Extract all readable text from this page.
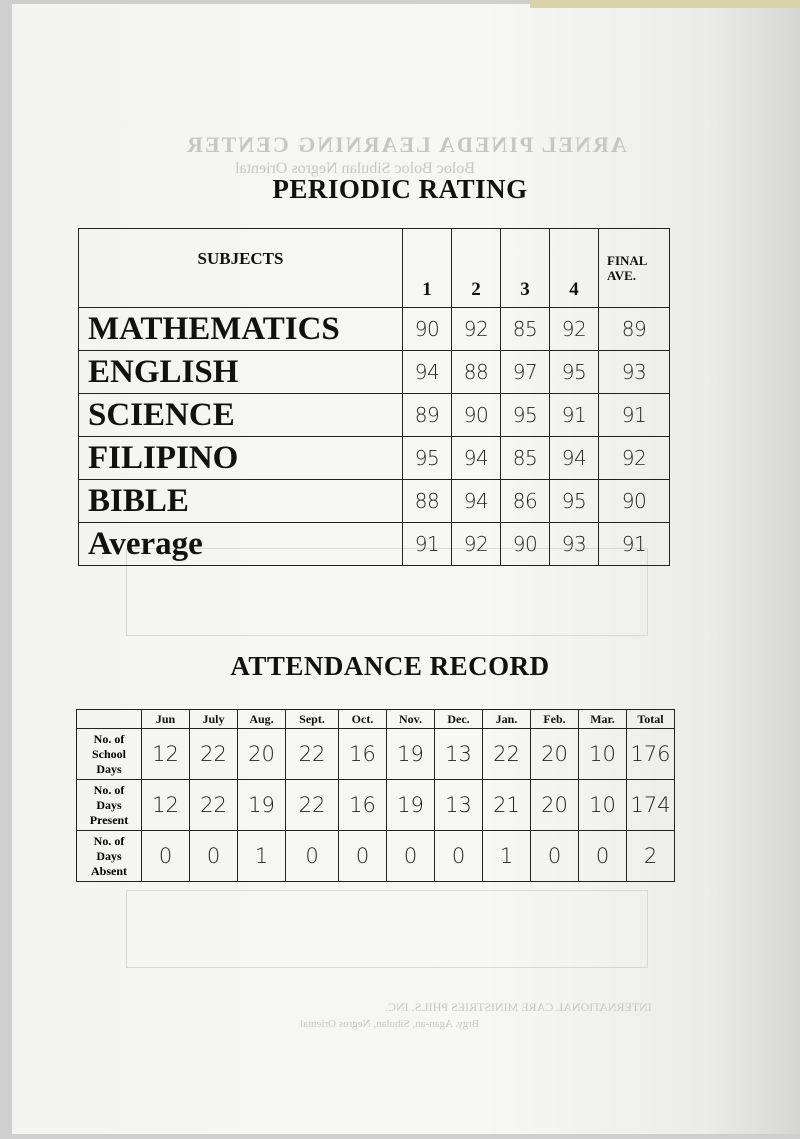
ARNEL PINEDA LEARNING CENTER
Boloc Boloc Sibulan Negros Oriental
INTERNATIONAL CARE MINISTRIES PHILS. INC.
Brgy. Agan-an, Sibulan, Negros Oriental
PERIODIC RATING
SUBJECTS	1	2	3	4	FINAL
AVE.
MATHEMATICS	90	92	85	92	89
ENGLISH	94	88	97	95	93
SCIENCE	89	90	95	91	91
FILIPINO	95	94	85	94	92
BIBLE	88	94	86	95	90
Average	91	92	90	93	91
ATTENDANCE RECORD
	Jun	July	Aug.	Sept.	Oct.	Nov.	Dec.	Jan.	Feb.	Mar.	Total
No. of
School
Days	12	22	20	22	16	19	13	22	20	10	176
No. of
Days
Present	12	22	19	22	16	19	13	21	20	10	174
No. of
Days
Absent	0	0	1	0	0	0	0	1	0	0	2
